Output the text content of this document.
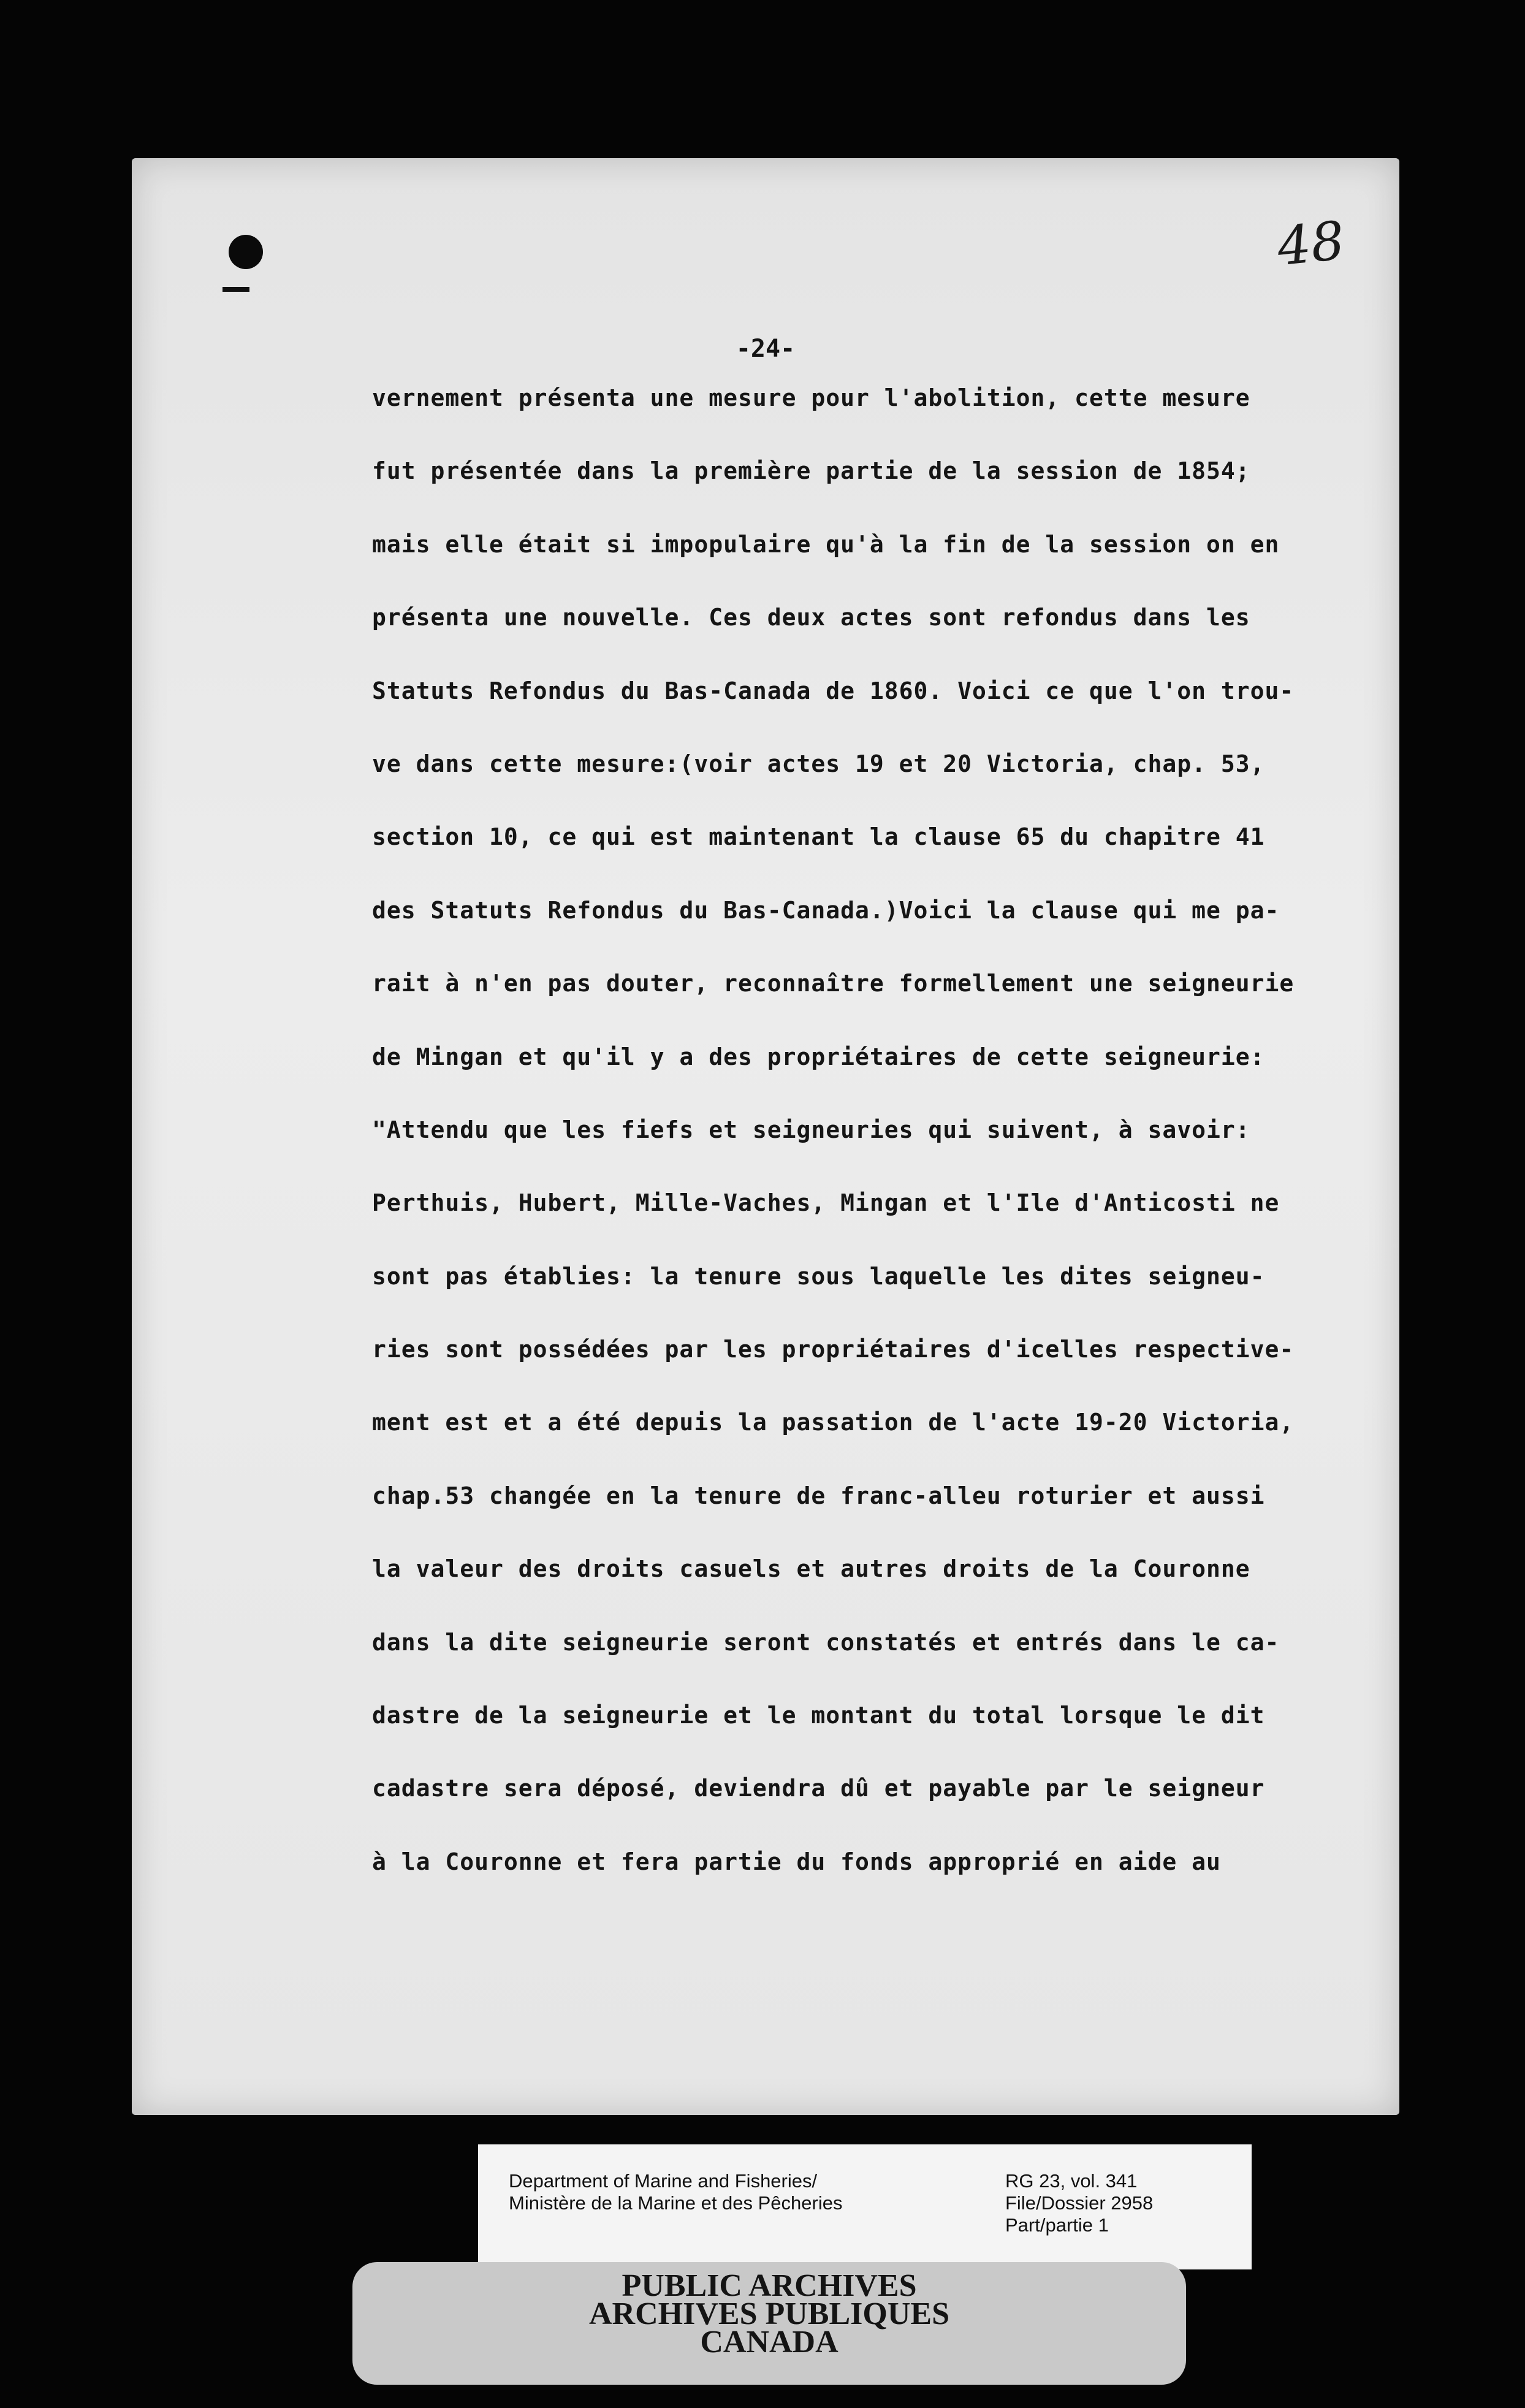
48
-24-
vernement présenta une mesure pour l'abolition, cette mesure
fut présentée dans la première partie de la session de 1854;
mais elle était si impopulaire qu'à la fin de la session on en
présenta une nouvelle. Ces deux actes sont refondus dans les
Statuts Refondus du Bas-Canada de 1860. Voici ce que l'on trou-
ve dans cette mesure:(voir actes 19 et 20 Victoria, chap. 53,
section 10, ce qui est maintenant la clause 65 du chapitre 41
des Statuts Refondus du Bas-Canada.)Voici la clause qui me pa-
rait à n'en pas douter, reconnaître formellement une seigneurie
de Mingan et qu'il y a des propriétaires de cette seigneurie:
"Attendu que les fiefs et seigneuries qui suivent, à savoir:
Perthuis, Hubert, Mille-Vaches, Mingan et l'Ile d'Anticosti ne
sont pas établies: la tenure sous laquelle les dites seigneu-
ries sont possédées par les propriétaires d'icelles respective-
ment est et a été depuis la passation de l'acte 19-20 Victoria,
chap.53 changée en la tenure de franc-alleu roturier et aussi
la valeur des droits casuels et autres droits de la Couronne
dans la dite seigneurie seront constatés et entrés dans le ca-
dastre de la seigneurie et le montant du total lorsque le dit
cadastre sera déposé, deviendra dû et payable par le seigneur
à la Couronne et fera partie du fonds approprié en aide au
Department of Marine and Fisheries/
Ministère de la Marine et des Pêcheries
RG 23, vol. 341
File/Dossier 2958
Part/partie 1
PUBLIC ARCHIVES
ARCHIVES PUBLIQUES
CANADA
